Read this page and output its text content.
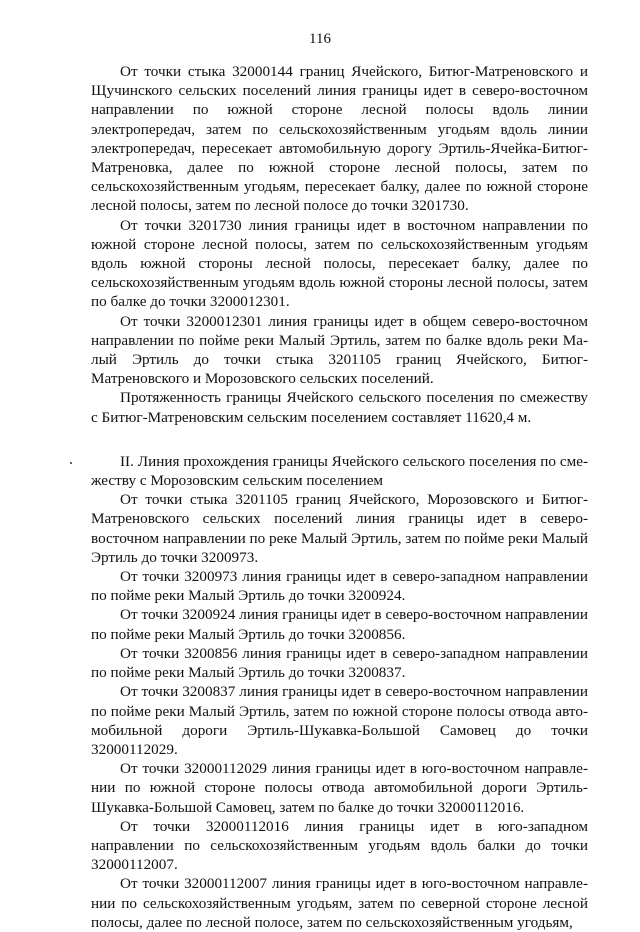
116

От точки стыка 32000144 границ Ячейского, Битюг-Матреновского и Щучинского сельских поселений линия границы идет в северо-восточном направлении по южной стороне лесной полосы вдоль линии электропередач, затем по сельскохозяйственным угодьям вдоль линии электропередач, пересекает автомобильную дорогу Эртиль-Ячейка-Битюг-Матреновка, далее по южной стороне лесной полосы, затем по сельскохозяйственным угодьям, пересекает балку, далее по южной стороне лесной полосы, затем по лесной полосе до точки 3201730.

От точки 3201730 линия границы идет в восточном направлении по южной стороне лесной полосы, затем по сельскохозяйственным угодьям вдоль южной стороны лесной полосы, пересекает балку, далее по сельскохозяйственным угодьям вдоль южной стороны лесной полосы, затем по балке до точки 3200012301.

От точки 3200012301 линия границы идет в общем северо-восточном направлении по пойме реки Малый Эртиль, затем по балке вдоль реки Малый Эртиль до точки стыка 3201105 границ Ячейского, Битюг-Матреновского и Морозовского сельских поселений.

Протяженность границы Ячейского сельского поселения по смежеству с Битюг-Матреновским сельским поселением составляет 11620,4 м.

II. Линия прохождения границы Ячейского сельского поселения по смежеству с Морозовским сельским поселением

От точки стыка 3201105 границ Ячейского, Морозовского и Битюг-Матреновского сельских поселений линия границы идет в северо-восточном направлении по реке Малый Эртиль, затем по пойме реки Малый Эртиль до точки 3200973.

От точки 3200973 линия границы идет в северо-западном направлении по пойме реки Малый Эртиль до точки 3200924.

От точки 3200924 линия границы идет в северо-восточном направлении по пойме реки Малый Эртиль до точки 3200856.

От точки 3200856 линия границы идет в северо-западном направлении по пойме реки Малый Эртиль до точки 3200837.

От точки 3200837 линия границы идет в северо-восточном направлении по пойме реки Малый Эртиль, затем по южной стороне полосы отвода автомобильной дороги Эртиль-Шукавка-Большой Самовец до точки 32000112029.

От точки 32000112029 линия границы идет в юго-восточном направлении по южной стороне полосы отвода автомобильной дороги Эртиль-Шукавка-Большой Самовец, затем по балке до точки 32000112016.

От точки 32000112016 линия границы идет в юго-западном направлении по сельскохозяйственным угодьям вдоль балки до точки 32000112007.

От точки 32000112007 линия границы идет в юго-восточном направлении по сельскохозяйственным угодьям, затем по северной стороне лесной полосы, далее по лесной полосе, затем по сельскохозяйственным угодьям,
